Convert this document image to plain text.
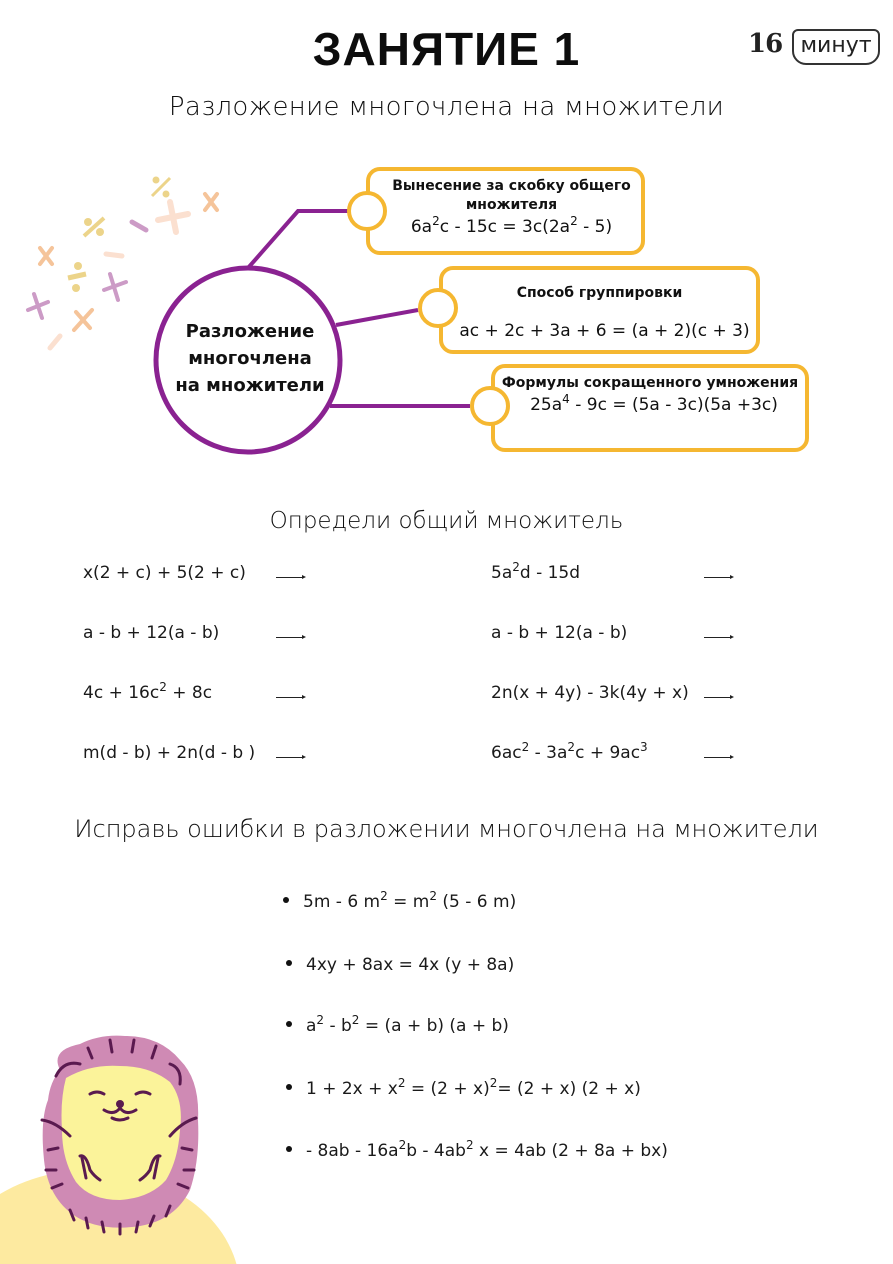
ЗАНЯТИЕ 1	16 минут
Разложение многочлена на множители
Разложение
многочлена
на множители
Вынесение за скобку общего множителя
$6a^2c - 15c = 3c(2a^2 - 5)$
Способ группировки
ac + 2c + 3a + 6 = (a + 2)(c + 3)
Формулы сокращенного умножения
$25a^4 - 9c = (5a - 3c)(5a +3c)$
Определи общий множитель
x(2 + c) + 5(2 + c)
a - b + 12(a - b)
$4c + 16c^2 + 8c$
m(d - b) + 2n(d - b )
$5a^2d - 15d$
a - b + 12(a - b)
2n(x + 4y) - 3k(4y + x)
$6ac^2 - 3a^2c + 9ac^3$
Исправь ошибки в разложении многочлена на множители
5m - 6 $m^2 = m^2$ (5 - 6 m)
4xy + 8ax = 4x (y + 8a)
$a^2 - b^2 = (a + b) (a + b)$
$1 + 2x + x^2 = (2 + x)^2= (2 + x) (2 + x)$
- $8ab - 16a^2b - 4ab^2$ x = 4ab (2 + 8a + bx)
